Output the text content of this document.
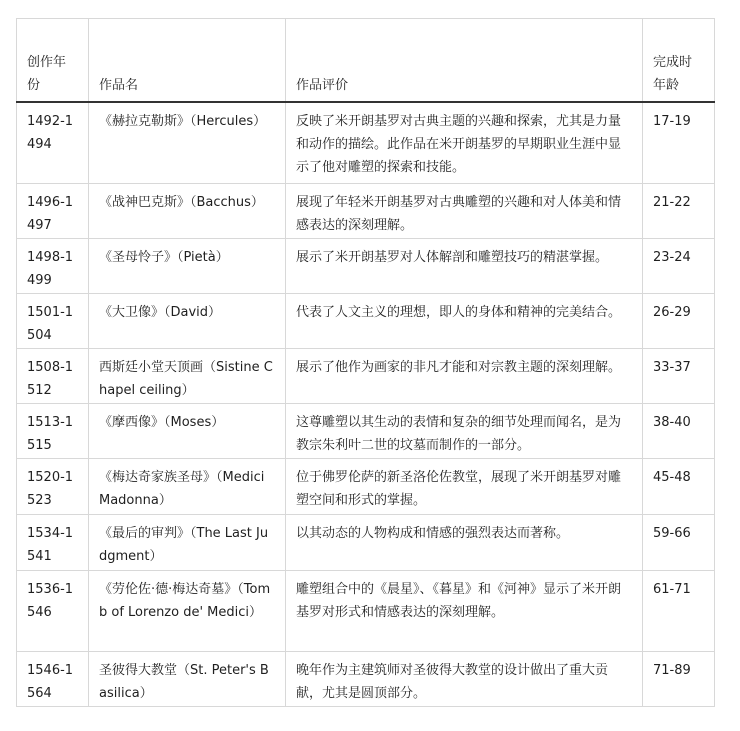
创作年份	作品名	作品评价	完成时年龄

1492-1494	《赫拉克勒斯》（Hercules）	反映了米开朗基罗对古典主题的兴趣和探索，尤其是力量和动作的描绘。此作品在米开朗基罗的早期职业生涯中显示了他对雕塑的探索和技能。	17-19

1496-1497	《战神巴克斯》（Bacchus）	展现了年轻米开朗基罗对古典雕塑的兴趣和对人体美和情感表达的深刻理解。	21-22

1498-1499	《圣母怜子》（Pietà）	展示了米开朗基罗对人体解剖和雕塑技巧的精湛掌握。	23-24

1501-1504	《大卫像》（David）	代表了人文主义的理想，即人的身体和精神的完美结合。	26-29

1508-1512	西斯廷小堂天顶画（Sistine Chapel ceiling）	展示了他作为画家的非凡才能和对宗教主题的深刻理解。	33-37

1513-1515	《摩西像》（Moses）	这尊雕塑以其生动的表情和复杂的细节处理而闻名，是为教宗朱利叶二世的坟墓而制作的一部分。	38-40

1520-1523	《梅达奇家族圣母》（Medici Madonna）	位于佛罗伦萨的新圣洛伦佐教堂，展现了米开朗基罗对雕塑空间和形式的掌握。	45-48

1534-1541	《最后的审判》（The Last Judgment）	以其动态的人物构成和情感的强烈表达而著称。	59-66

1536-1546	《劳伦佐·德·梅达奇墓》（Tomb of Lorenzo de' Medici）	雕塑组合中的《晨星》、《暮星》和《河神》显示了米开朗基罗对形式和情感表达的深刻理解。	61-71

1546-1564	圣彼得大教堂（St. Peter's Basilica）	晚年作为主建筑师对圣彼得大教堂的设计做出了重大贡献，尤其是圆顶部分。	71-89
